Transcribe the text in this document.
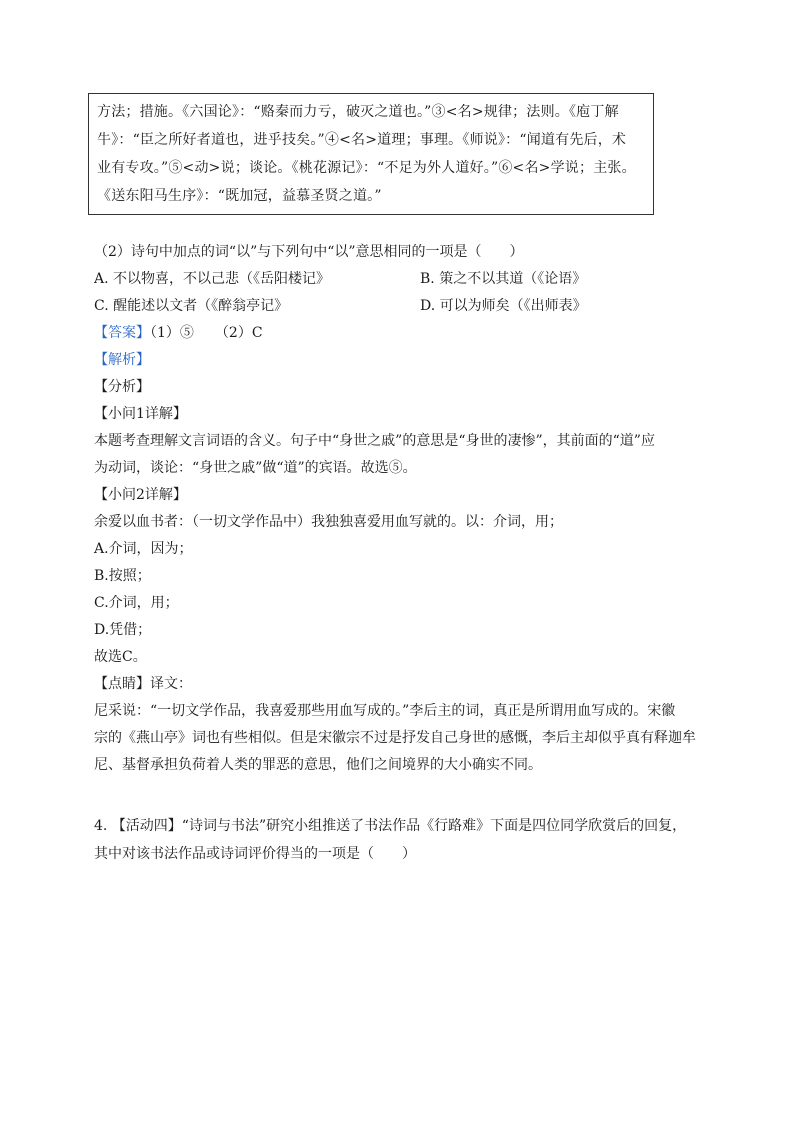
方法；措施。《六国论》：“赂秦而力亏，破灭之道也。”③<名>规律；法则。《庖丁解
牛》：“臣之所好者道也，进乎技矣。”④<名>道理；事理。《师说》：“闻道有先后，术
业有专攻。”⑤<动>说；谈论。《桃花源记》：“不足为外人道好。”⑥<名>学说；主张。
《送东阳马生序》：“既加冠，益慕圣贤之道。”
（2）诗句中加点的词“以”与下列句中“以”意思相同的一项是（　　）
A. 不以物喜，不以己悲（《岳阳楼记》	B. 策之不以其道（《论语》
C. 醒能述以文者（《醉翁亭记》	D. 可以为师矣（《出师表》
【答案】（1）⑤　　（2）C
【解析】
【分析】
【小问1详解】
本题考查理解文言词语的含义。句子中“身世之戚”的意思是“身世的凄惨”，其前面的“道”应
为动词，谈论：“身世之戚”做“道”的宾语。故选⑤。
【小问2详解】
余爱以血书者：（一切文学作品中）我独独喜爱用血写就的。以：介词，用；
A.介词，因为；
B.按照；
C.介词，用；
D.凭借；
故选C。
【点睛】译文：
尼采说：“一切文学作品，我喜爱那些用血写成的。”李后主的词，真正是所谓用血写成的。宋徽
宗的《燕山亭》词也有些相似。但是宋徽宗不过是抒发自己身世的感慨，李后主却似乎真有释迦牟
尼、基督承担负荷着人类的罪恶的意思，他们之间境界的大小确实不同。
4. 【活动四】“诗词与书法”研究小组推送了书法作品《行路难》下面是四位同学欣赏后的回复，
其中对该书法作品或诗词评价得当的一项是（　　）
